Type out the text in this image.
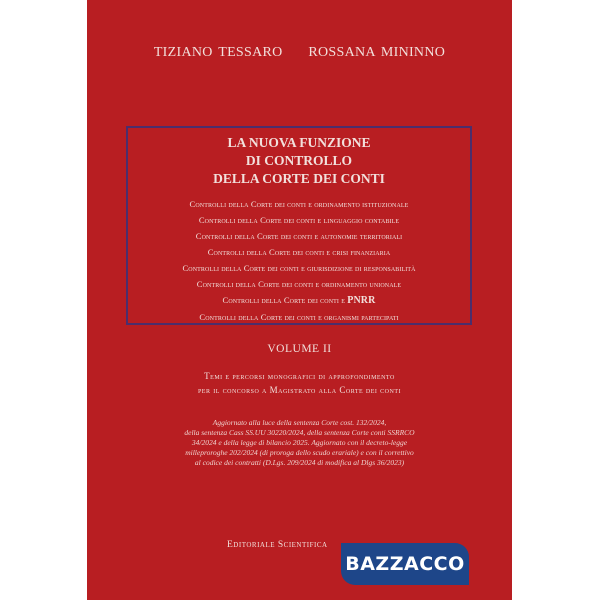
TIZIANO TESSARO ROSSANA MININNO
LA NUOVA FUNZIONE
DI CONTROLLO
DELLA CORTE DEI CONTI
Controlli della Corte dei conti e ordinamento istituzionale
Controlli della Corte dei conti e linguaggio contabile
Controlli della Corte dei conti e autonomie territoriali
Controlli della Corte dei conti e crisi finanziaria
Controlli della Corte dei conti e giurisdizione di responsabilità
Controlli della Corte dei conti e ordinamento unionale
Controlli della Corte dei conti e PNRR
Controlli della Corte dei conti e organismi partecipati
VOLUME II
Temi e percorsi monografici di approfondimento
per il concorso a Magistrato alla Corte dei conti
Aggiornato alla luce della sentenza Corte cost. 132/2024,
della sentenza Cass SS.UU 30220/2024, della sentenza Corte conti SSRRCO
34/2024 e della legge di bilancio 2025. Aggiornato con il decreto-legge
milleproroghe 202/2024 (di proroga dello scudo erariale) e con il correttivo
al codice dei contratti (D.Lgs. 209/2024 di modifica al Dlgs 36/2023)
Editoriale Scientifica
BAZZACCO
